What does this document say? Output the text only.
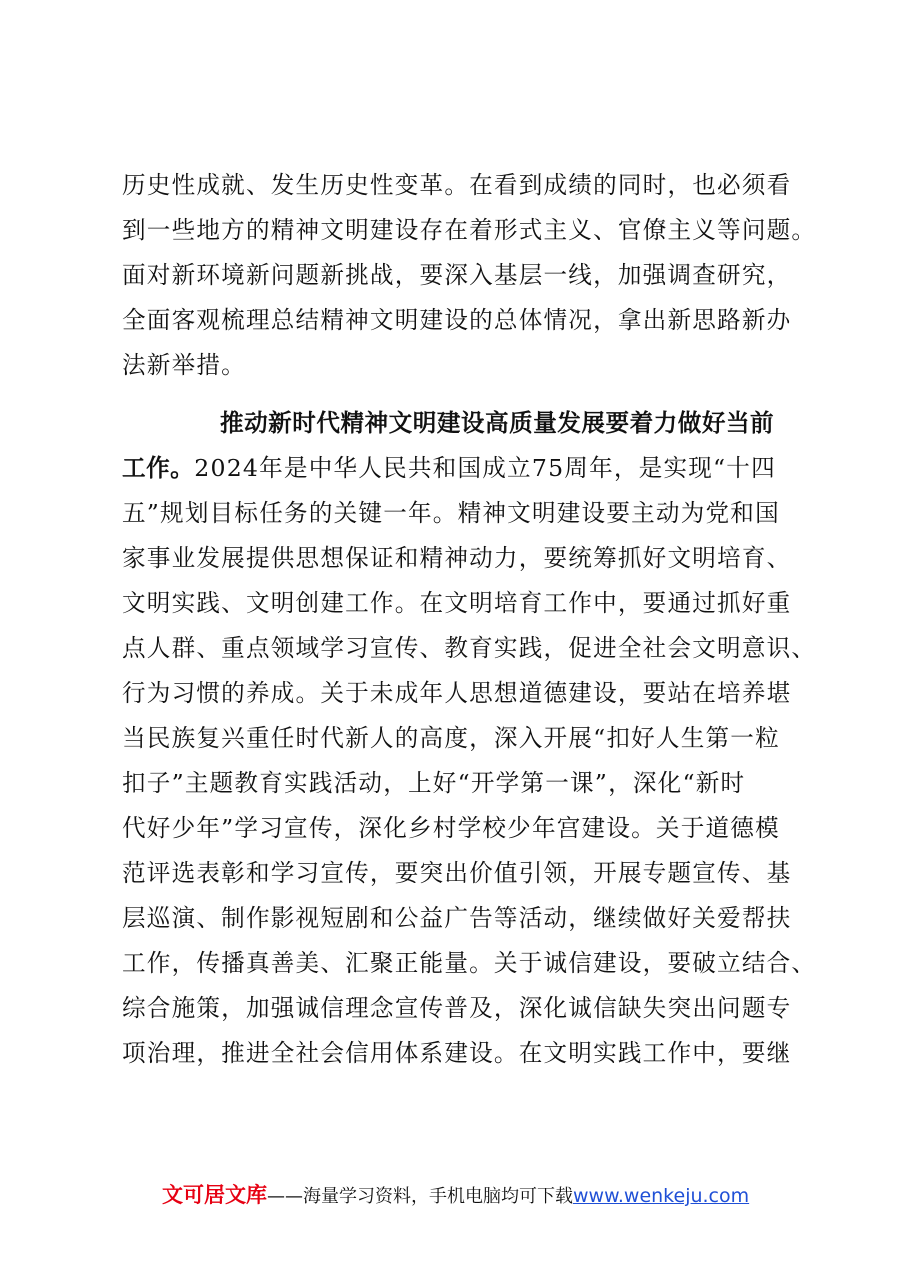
历史性成就、发生历史性变革。在看到成绩的同时，也必须看
到一些地方的精神文明建设存在着形式主义、官僚主义等问题。
面对新环境新问题新挑战，要深入基层一线，加强调查研究，
全面客观梳理总结精神文明建设的总体情况，拿出新思路新办
法新举措。
推动新时代精神文明建设高质量发展要着力做好当前
工作。2024年是中华人民共和国成立75周年，是实现“十四
五”规划目标任务的关键一年。精神文明建设要主动为党和国
家事业发展提供思想保证和精神动力，要统筹抓好文明培育、
文明实践、文明创建工作。在文明培育工作中，要通过抓好重
点人群、重点领域学习宣传、教育实践，促进全社会文明意识、
行为习惯的养成。关于未成年人思想道德建设，要站在培养堪
当民族复兴重任时代新人的高度，深入开展“扣好人生第一粒
扣子”主题教育实践活动，上好“开学第一课”，深化“新时
代好少年”学习宣传，深化乡村学校少年宫建设。关于道德模
范评选表彰和学习宣传，要突出价值引领，开展专题宣传、基
层巡演、制作影视短剧和公益广告等活动，继续做好关爱帮扶
工作，传播真善美、汇聚正能量。关于诚信建设，要破立结合、
综合施策，加强诚信理念宣传普及，深化诚信缺失突出问题专
项治理，推进全社会信用体系建设。在文明实践工作中，要继
文可居文库——海量学习资料，手机电脑均可下载www.wenkeju.com
